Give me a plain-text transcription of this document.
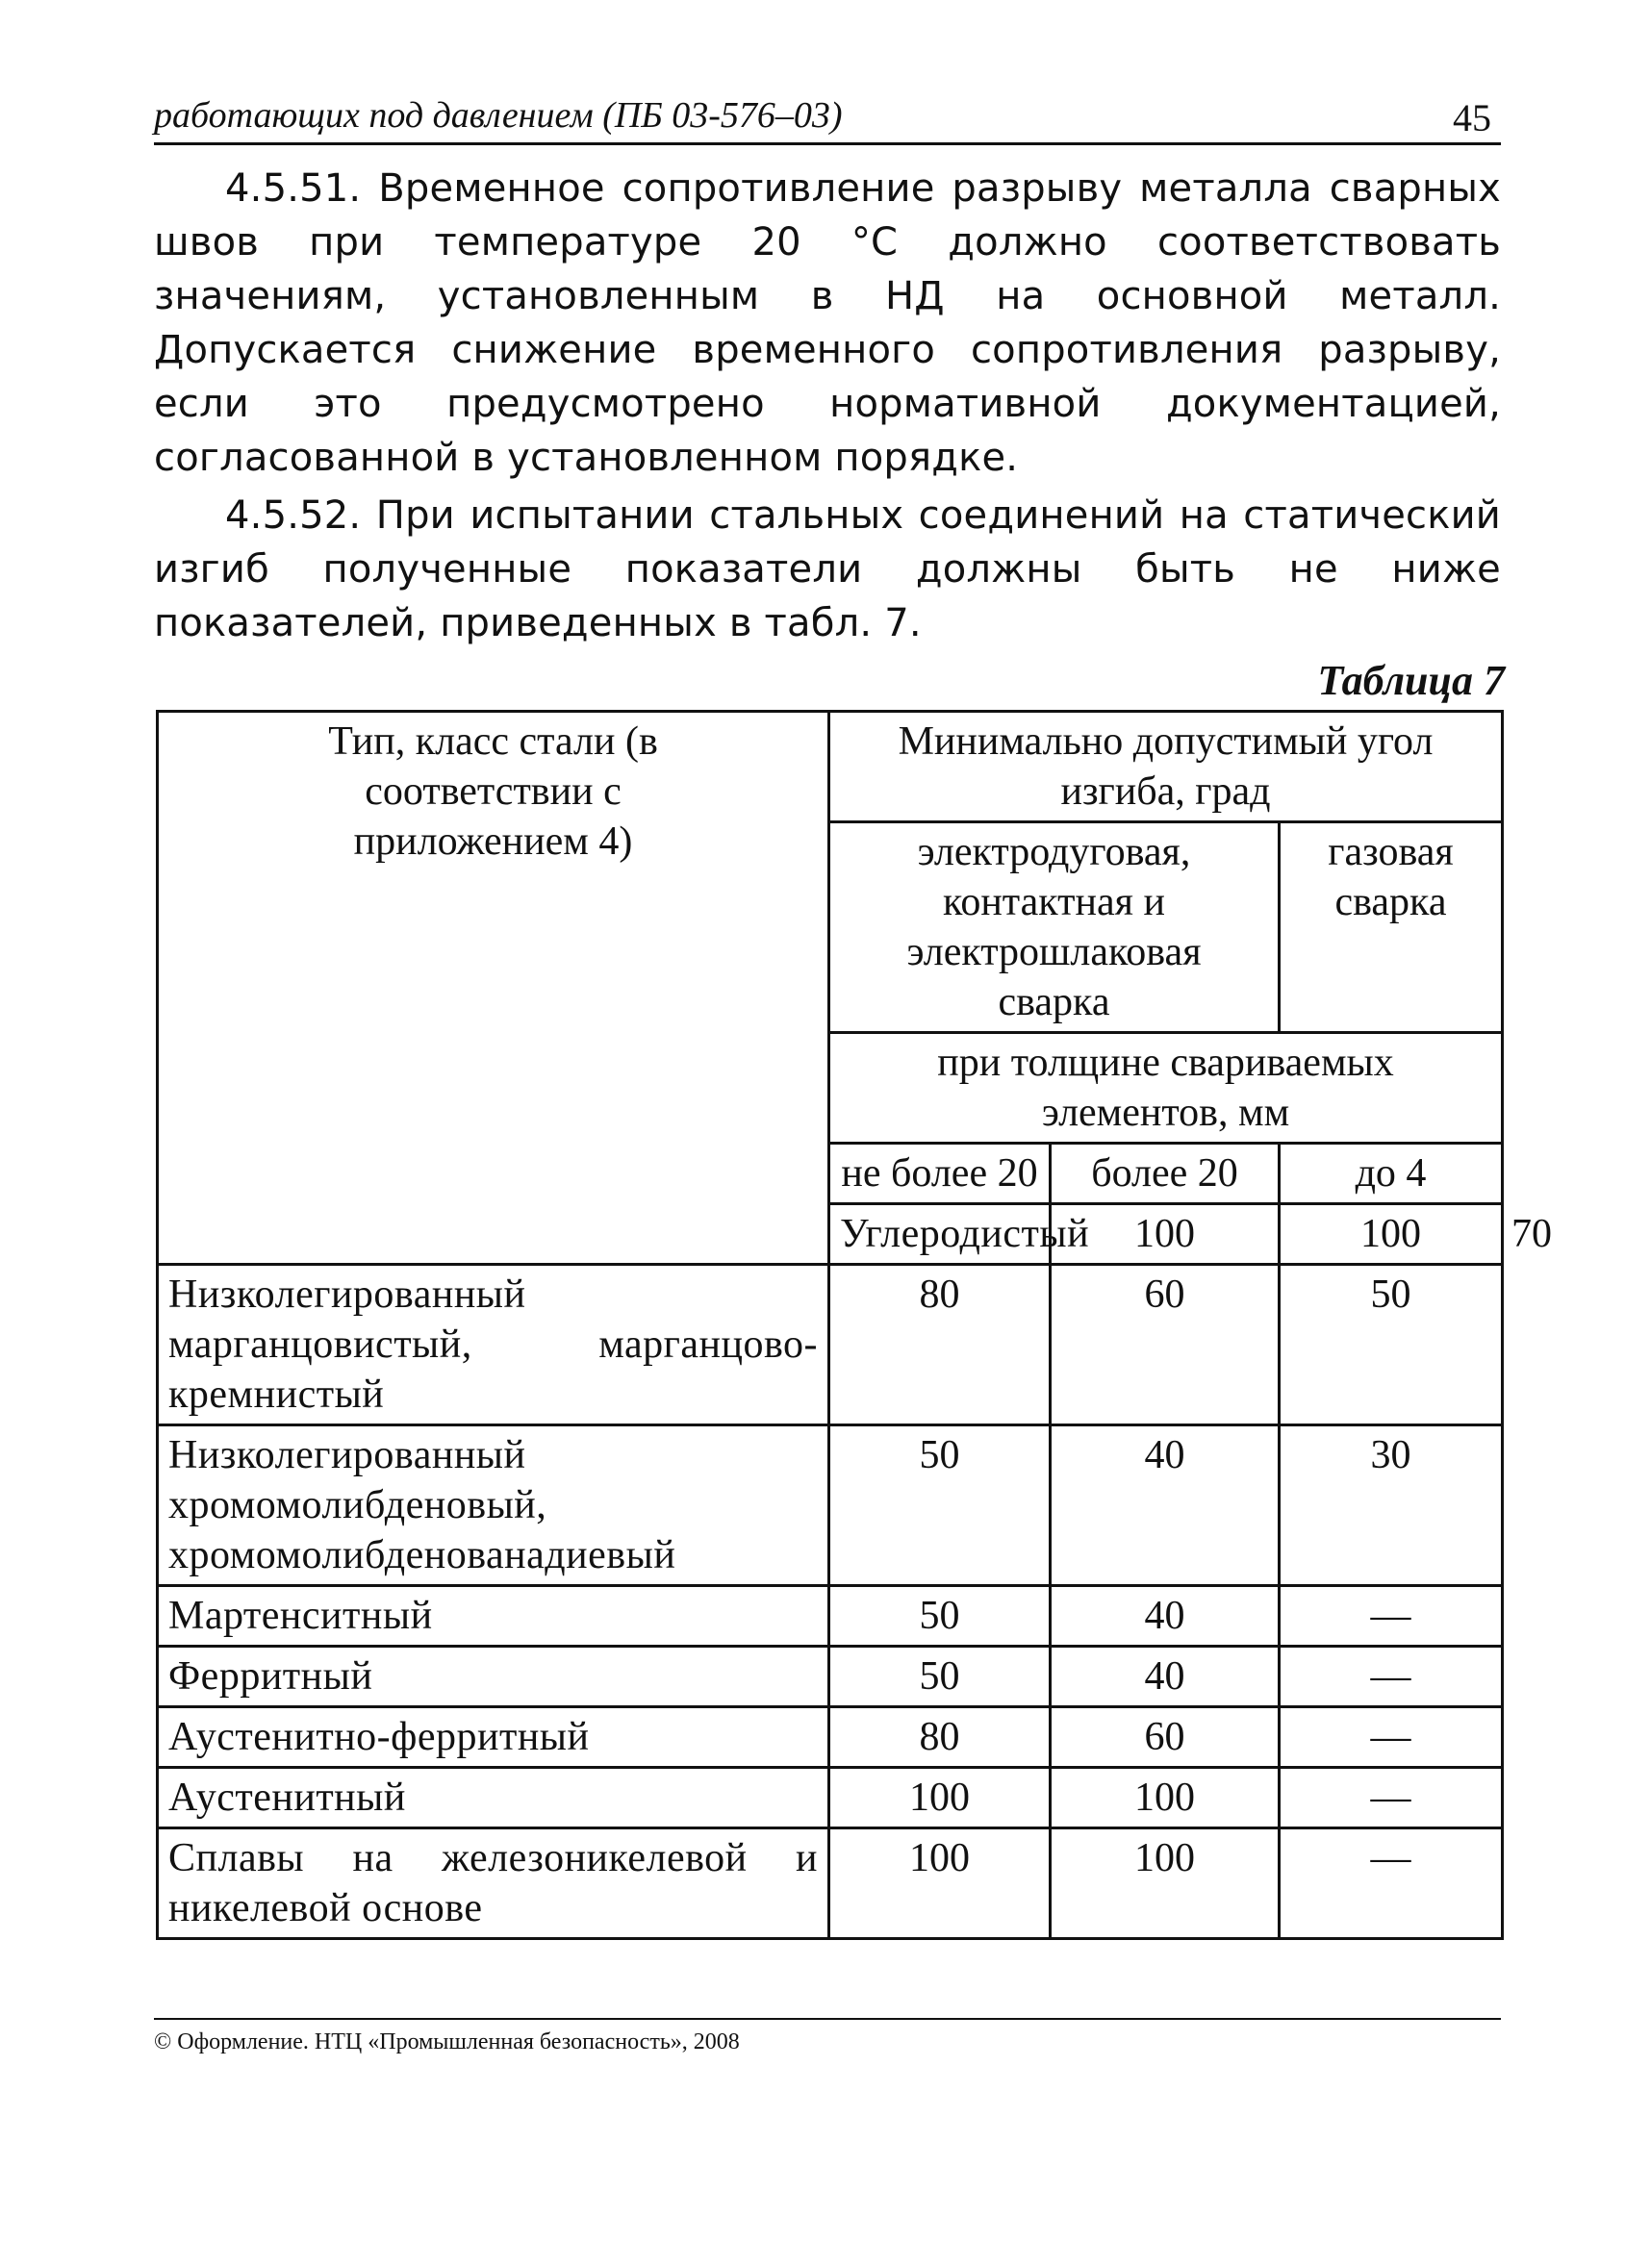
работающих под давлением (ПБ 03-576–03)	45

4.5.51. Временное сопротивление разрыву металла сварных швов при температуре 20 °С должно соответствовать значениям, установленным в НД на основной металл. Допускается снижение временного сопротивления разрыву, если это предусмотрено нормативной документацией, согласованной в установленном порядке.

4.5.52. При испытании стальных соединений на статический изгиб полученные показатели должны быть не ниже показателей, приведенных в табл. 7.

Таблица 7
Тип, класс стали (в соответствии с приложением 4)	Минимально допустимый угол изгиба, град			
	электродуговая, контактная и электрошлаковая сварка		газовая сварка	
	при толщине свариваемых элементов, мм			
	не более 20	более 20	до 4	
	Углеродистый	100	100	70
Низколегированный марганцовистый, марганцово-кремнистый	80	60	50	
Низколегированный хромомолибденовый, хромомолибденованадиевый	50	40	30	
Мартенситный	50	40	—	
Ферритный	50	40	—	
Аустенитно-ферритный	80	60	—	
Аустенитный	100	100	—	
Сплавы на железоникелевой и никелевой основе	100	100	—	
© Оформление. НТЦ «Промышленная безопасность», 2008
